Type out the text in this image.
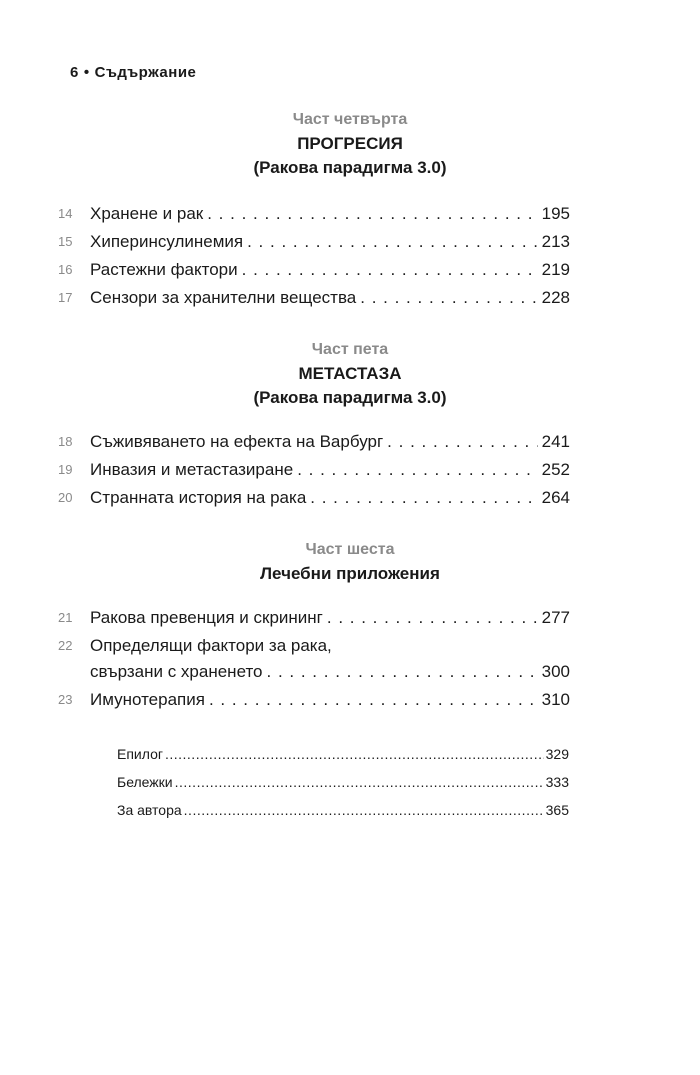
6 • Съдържание
Част четвърта
ПРОГРЕСИЯ
(Ракова парадигма 3.0)
14	Хранене и рак . . .	195
15	Хиперинсулинемия . . .	213
16	Растежни фактори . . .	219
17	Сензори за хранителни вещества . . .	228
Част пета
МЕТАСТАЗА
(Ракова парадигма 3.0)
18	Съживяването на ефекта на Варбург . . .	241
19	Инвазия и метастазиране . . .	252
20	Странната история на рака . . .	264
Част шеста
Лечебни приложения
21	Ракова превенция и скрининг . . .	277
22	Определящи фактори за рака,
свързани с храненето . . .	300
23	Имунотерапия . . .	310
Епилог .....	329
Бележки .....	333
За автора .....	365
